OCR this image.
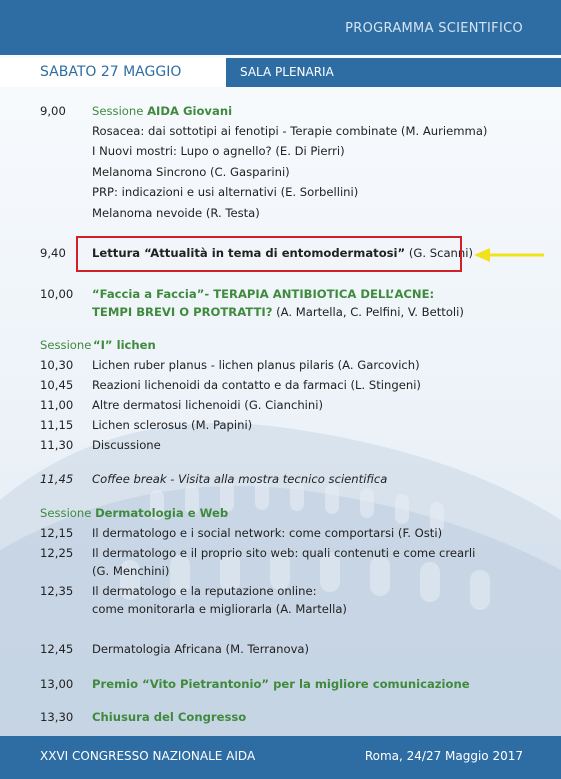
PROGRAMMA SCIENTIFICO
SABATO 27 MAGGIO	SALA PLENARIA
9,00 Sessione AIDA Giovani
Rosacea: dai sottotipi ai fenotipi - Terapie combinate (M. Auriemma)
I Nuovi mostri: Lupo o agnello? (E. Di Pierri)
Melanoma Sincrono (C. Gasparini)
PRP: indicazioni e usi alternativi (E. Sorbellini)
Melanoma nevoide (R. Testa)
9,40 Lettura “Attualità in tema di entomodermatosi” (G. Scanni)
10,00 “Faccia a Faccia”- TERAPIA ANTIBIOTICA DELL’ACNE:
TEMPI BREVI O PROTRATTI? (A. Martella, C. Pelfini, V. Bettoli)
Sessione “I” lichen
10,30 Lichen ruber planus - lichen planus pilaris (A. Garcovich)
10,45 Reazioni lichenoidi da contatto e da farmaci (L. Stingeni)
11,00 Altre dermatosi lichenoidi (G. Cianchini)
11,15 Lichen sclerosus (M. Papini)
11,30 Discussione
11,45 Coffee break - Visita alla mostra tecnico scientifica
Sessione Dermatologia e Web
12,15 Il dermatologo e i social network: come comportarsi (F. Osti)
12,25 Il dermatologo e il proprio sito web: quali contenuti e come crearli
(G. Menchini)
12,35 Il dermatologo e la reputazione online:
come monitorarla e migliorarla (A. Martella)
12,45 Dermatologia Africana (M. Terranova)
13,00 Premio “Vito Pietrantonio” per la migliore comunicazione
13,30 Chiusura del Congresso
XXVI CONGRESSO NAZIONALE AIDA	Roma, 24/27 Maggio 2017
